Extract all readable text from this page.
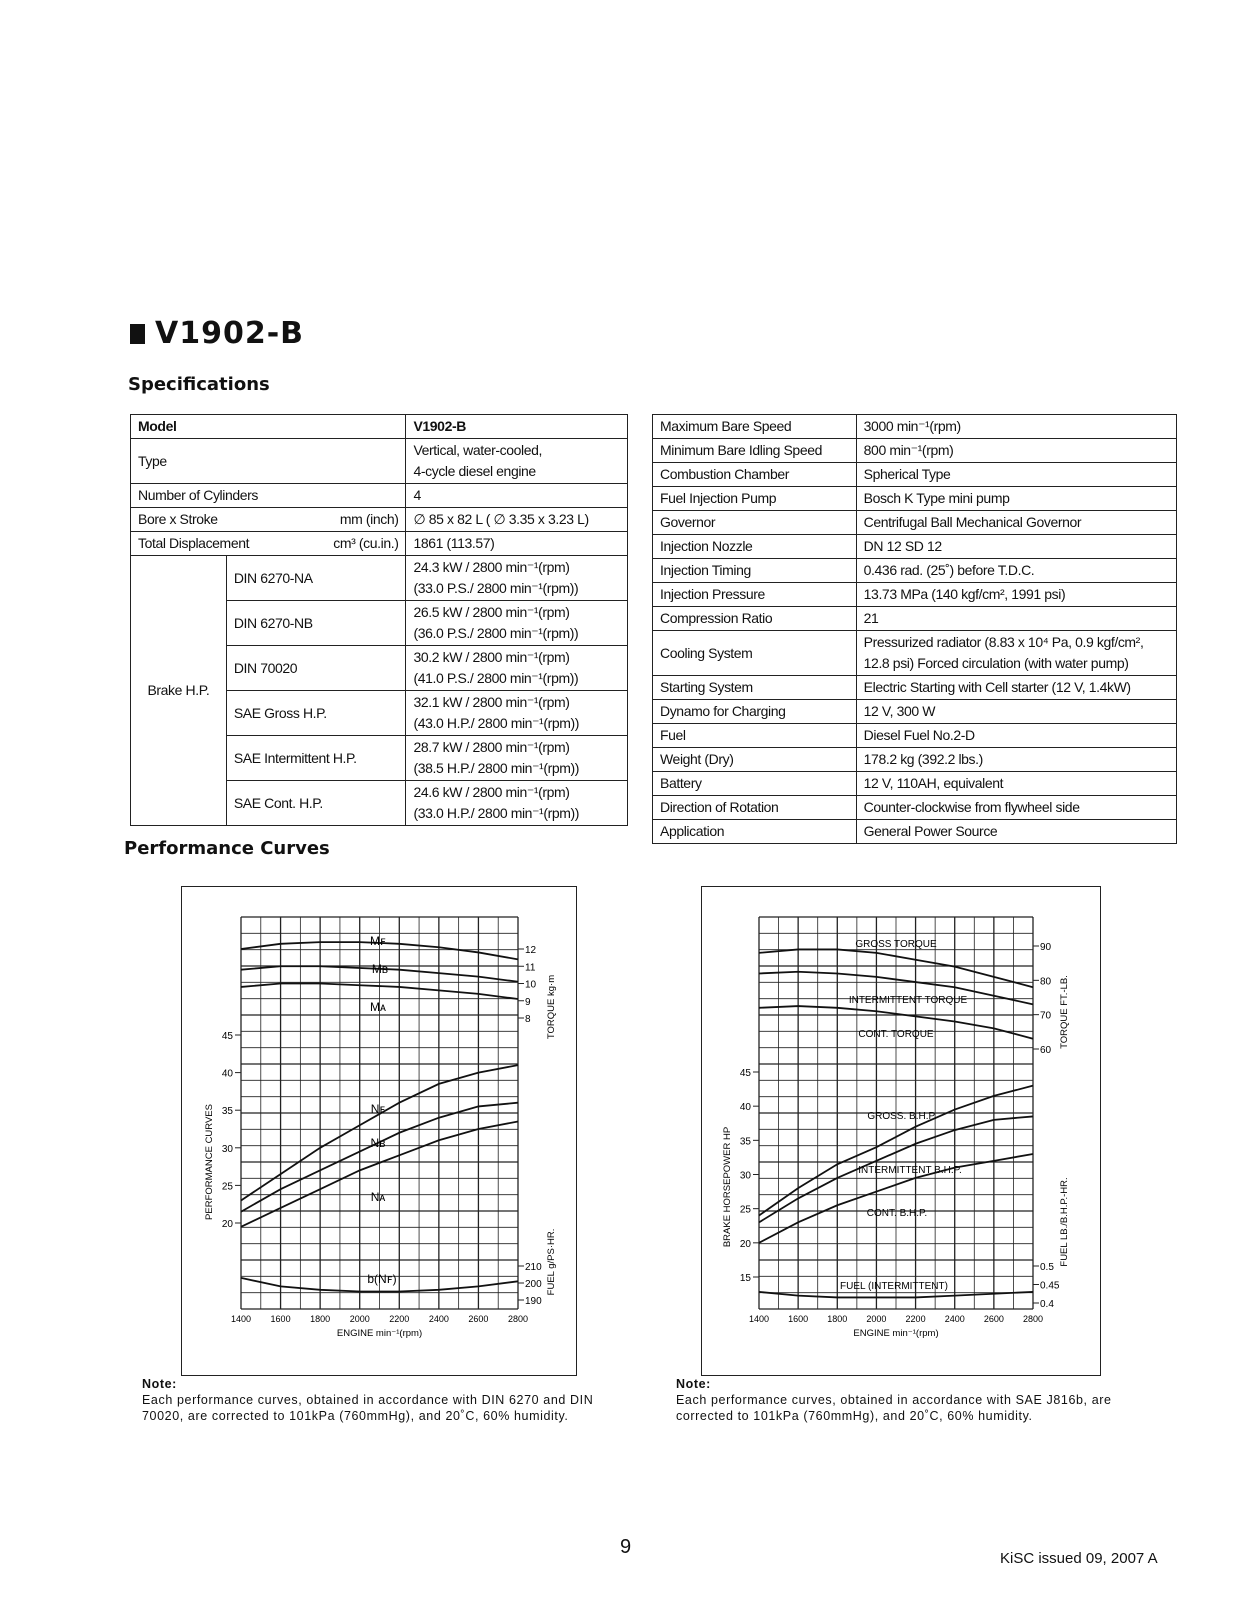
V1902-B
Specifications
Model		V1902-B
Type		Vertical, water-cooled,
4-cycle diesel engine

Number of Cylinders		4
Bore x Stroke mm (inch)		∅ 85 x 82 L ( ∅ 3.35 x 3.23 L)
Total Displacement cm³ (cu.in.)		1861 (113.57)
Brake H.P.	DIN 6270-NA	24.3 kW / 2800 min⁻¹(rpm)
(33.0 P.S./ 2800 min⁻¹(rpm))

	DIN 6270-NB	26.5 kW / 2800 min⁻¹(rpm)
(36.0 P.S./ 2800 min⁻¹(rpm))

	DIN 70020	30.2 kW / 2800 min⁻¹(rpm)
(41.0 P.S./ 2800 min⁻¹(rpm))

	SAE Gross H.P.	32.1 kW / 2800 min⁻¹(rpm)
(43.0 H.P./ 2800 min⁻¹(rpm))

	SAE Intermittent H.P.	28.7 kW / 2800 min⁻¹(rpm)
(38.5 H.P./ 2800 min⁻¹(rpm))

	SAE Cont. H.P.	24.6 kW / 2800 min⁻¹(rpm)
(33.0 H.P./ 2800 min⁻¹(rpm))
Maximum Bare Speed	3000 min⁻¹(rpm)
Minimum Bare Idling Speed	800 min⁻¹(rpm)
Combustion Chamber	Spherical Type
Fuel Injection Pump	Bosch K Type mini pump
Governor	Centrifugal Ball Mechanical Governor
Injection Nozzle	DN 12 SD 12
Injection Timing	0.436 rad. (25˚) before T.D.C.
Injection Pressure	13.73 MPa (140 kgf/cm², 1991 psi)
Compression Ratio	21
Cooling System	Pressurized radiator (8.83 x 10⁴ Pa, 0.9 kgf/cm²,
12.8 psi) Forced circulation (with water pump)

Starting System	Electric Starting with Cell starter (12 V, 1.4kW)
Dynamo for Charging	12 V, 300 W
Fuel	Diesel Fuel No.2-D
Weight (Dry)	178.2 kg (392.2 lbs.)
Battery	12 V, 110AH, equivalent
Direction of Rotation	Counter-clockwise from flywheel side
Application	General Power Source
Performance Curves
1400 1600 1800 2000 2200 2400 2600 2800
ENGINE min⁻¹(rpm)
20
25
30
35
40
45
8
9
10
11
12
190
200
210
PERFORMANCE CURVES
TORQUE kg·m
FUEL g/PS·HR.
Mꜰ
Mʙ
Mᴀ
Nꜰ
Nʙ
Nᴀ
b(Nꜰ)
1400 1600 1800 2000 2200 2400 2600 2800
ENGINE min⁻¹(rpm)
15
20
25
30
35
40
45
60
70
80
90
0.4
0.45
0.5
BRAKE HORSEPOWER HP
TORQUE FT.-LB.
FUEL LB./B.H.P.-HR.
GROSS TORQUE
INTERMITTENT TORQUE
CONT. TORQUE
GROSS. B.H.P.
INTERMITTENT B.H.P.
CONT. B.H.P.
FUEL (INTERMITTENT)
Note:
Each performance curves, obtained in accordance with DIN 6270 and DIN 70020, are corrected to 101kPa (760mmHg), and 20˚C, 60% humidity.
Note:
Each performance curves, obtained in accordance with SAE J816b, are corrected to 101kPa (760mmHg), and 20˚C, 60% humidity.
9
KiSC issued 09, 2007 A
